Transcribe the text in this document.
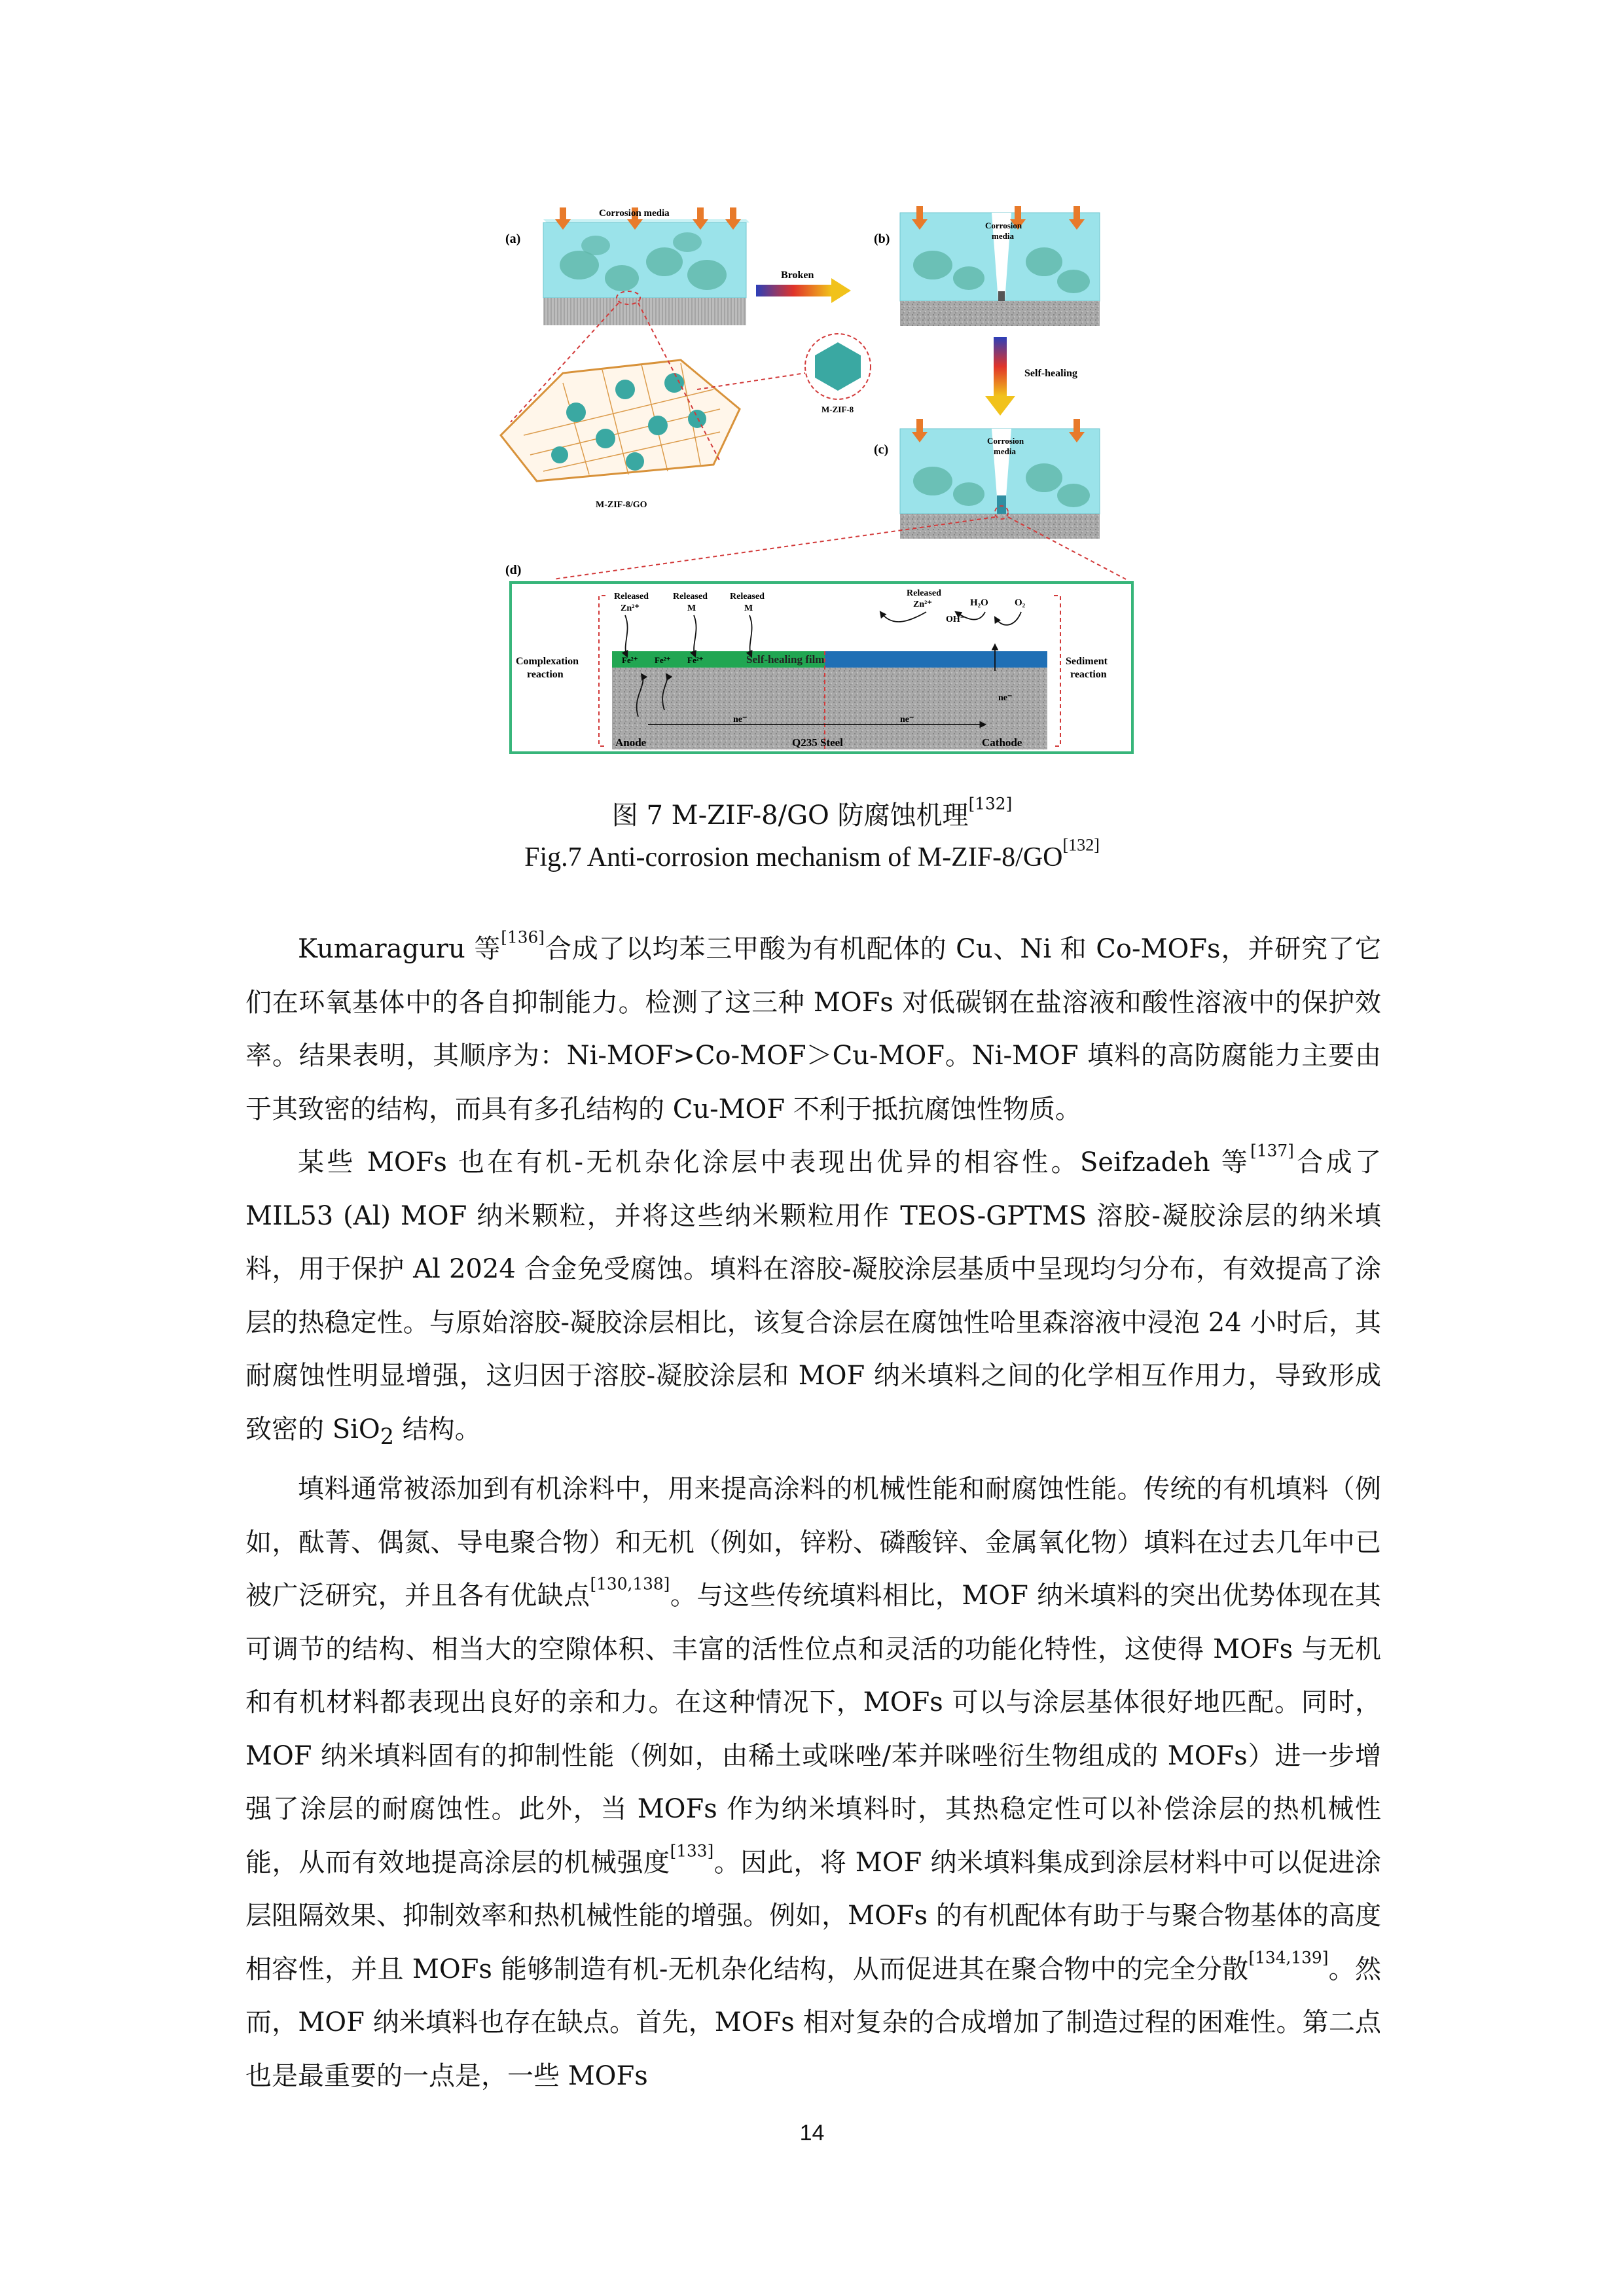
(a)
Corrosion media
Broken
(b)
Corrosion
media
Self-healing
(c)
Corrosion
media
M-ZIF-8/GO
M-ZIF-8
(d)
Self-healing film
Complexation
reaction
Sediment
reaction
Released
Zn²⁺
Released
M
Released
M
Released
Zn²⁺	H₂O	O₂
OH⁻
Fe²⁺ Fe²⁺ Fe²⁺
ne⁻	ne⁻
ne⁻
Anode	Q235 Steel	Cathode
图 7 M-ZIF-8/GO 防腐蚀机理[132]
Fig.7 Anti-corrosion mechanism of M-ZIF-8/GO[132]

Kumaraguru 等[136]合成了以均苯三甲酸为有机配体的 Cu、Ni 和 Co-MOFs，并研究了它们在环氧基体中的各自抑制能力。检测了这三种 MOFs 对低碳钢在盐溶液和酸性溶液中的保护效率。结果表明，其顺序为：Ni-MOF>Co-MOF＞Cu-MOF。Ni-MOF 填料的高防腐能力主要由于其致密的结构，而具有多孔结构的 Cu-MOF 不利于抵抗腐蚀性物质。

某些 MOFs 也在有机-无机杂化涂层中表现出优异的相容性。Seifzadeh 等[137]合成了 MIL53 (Al) MOF 纳米颗粒，并将这些纳米颗粒用作 TEOS-GPTMS 溶胶-凝胶涂层的纳米填料，用于保护 Al 2024 合金免受腐蚀。填料在溶胶-凝胶涂层基质中呈现均匀分布，有效提高了涂层的热稳定性。与原始溶胶-凝胶涂层相比，该复合涂层在腐蚀性哈里森溶液中浸泡 24 小时后，其耐腐蚀性明显增强，这归因于溶胶-凝胶涂层和 MOF 纳米填料之间的化学相互作用力，导致形成致密的 SiO$_2$ 结构。

填料通常被添加到有机涂料中，用来提高涂料的机械性能和耐腐蚀性能。传统的有机填料（例如，酞菁、偶氮、导电聚合物）和无机（例如，锌粉、磷酸锌、金属氧化物）填料在过去几年中已被广泛研究，并且各有优缺点[130,138]。与这些传统填料相比，MOF 纳米填料的突出优势体现在其可调节的结构、相当大的空隙体积、丰富的活性位点和灵活的功能化特性，这使得 MOFs 与无机和有机材料都表现出良好的亲和力。在这种情况下，MOFs 可以与涂层基体很好地匹配。同时，MOF 纳米填料固有的抑制性能（例如，由稀土或咪唑/苯并咪唑衍生物组成的 MOFs）进一步增强了涂层的耐腐蚀性。此外，当 MOFs 作为纳米填料时，其热稳定性可以补偿涂层的热机械性能，从而有效地提高涂层的机械强度[133]。因此，将 MOF 纳米填料集成到涂层材料中可以促进涂层阻隔效果、抑制效率和热机械性能的增强。例如，MOFs 的有机配体有助于与聚合物基体的高度相容性，并且 MOFs 能够制造有机-无机杂化结构，从而促进其在聚合物中的完全分散[134,139]。然而，MOF 纳米填料也存在缺点。首先，MOFs 相对复杂的合成增加了制造过程的困难性。第二点也是最重要的一点是，一些 MOFs

14
